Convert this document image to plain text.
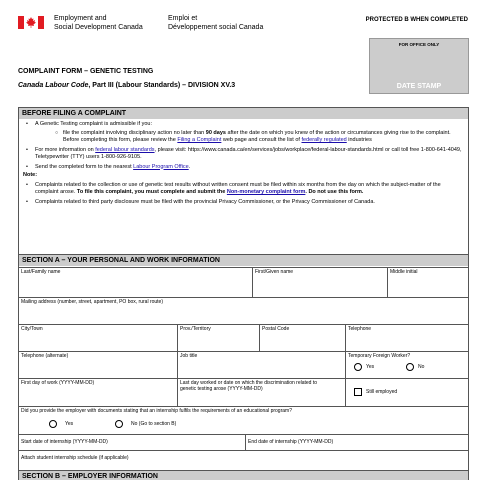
Employment and
Social Development Canada
Emploi et
Développement social Canada
PROTECTED B WHEN COMPLETED
FOR OFFICE ONLY
DATE STAMP
COMPLAINT FORM – GENETIC TESTING
Canada Labour Code, Part III (Labour Standards) – DIVISION XV.3
BEFORE FILING A COMPLAINT
• A Genetic Testing complaint is admissible if you:
○ file the complaint involving disciplinary action no later than 90 days after the date on which you knew of the action or circumstances giving rise to the complaint. Before completing this form, please review the Filing a Complaint web page and consult the list of federally regulated industries
• For more information on federal labour standards, please visit: https://www.canada.ca/en/services/jobs/workplace/federal-labour-standards.html or call toll free 1-800-641-4049, Teletypewriter (TTY) users 1-800-926-9105.
• Send the completed form to the nearest Labour Program Office.
Note:
• Complaints related to the collection or use of genetic test results without written consent must be filed within six months from the day on which the subject-matter of the complaint arose. To file this complaint, you must complete and submit the Non-monetary complaint form. Do not use this form.
• Complaints related to third party disclosure must be filed with the provincial Privacy Commissioner, or the Privacy Commissioner of Canada.
SECTION A – YOUR PERSONAL AND WORK INFORMATION
Last/Family name	First/Given name	Middle initial
Mailing address (number, street, apartment, PO box, rural route)
City/Town	Prov./Territory	Postal Code	Telephone
Telephone (alternate)	Job title	Temporary Foreign Worker?
Yes	No
First day of work (YYYY-MM-DD)	Last day worked or date on which the discrimination related to genetic testing arose (YYYY-MM-DD)	Still employed
Did you provide the employer with documents stating that an internship fulfils the requirements of an educational program?
Yes	No (Go to section B)
Start date of internship (YYYY-MM-DD)	End date of internship (YYYY-MM-DD)
Attach student internship schedule (if applicable)
SECTION B – EMPLOYER INFORMATION
